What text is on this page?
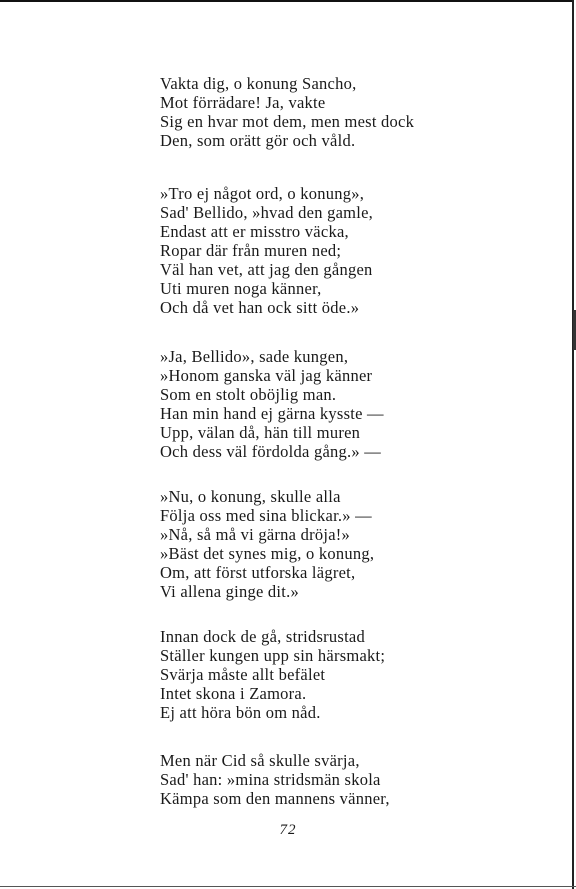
Vakta dig, o konung Sancho,
Mot förrädare! Ja, vakte
Sig en hvar mot dem, men mest dock
Den, som orätt gör och våld.
»Tro ej något ord, o konung»,
Sad' Bellido, »hvad den gamle,
Endast att er misstro väcka,
Ropar där från muren ned;
Väl han vet, att jag den gången
Uti muren noga känner,
Och då vet han ock sitt öde.»
»Ja, Bellido», sade kungen,
»Honom ganska väl jag känner
Som en stolt oböjlig man.
Han min hand ej gärna kysste —
Upp, välan då, hän till muren
Och dess väl fördolda gång.» —
»Nu, o konung, skulle alla
Följa oss med sina blickar.» —
»Nå, så må vi gärna dröja!»
»Bäst det synes mig, o konung,
Om, att först utforska lägret,
Vi allena ginge dit.»
Innan dock de gå, stridsrustad
Ställer kungen upp sin härsmakt;
Svärja måste allt befälet
Intet skona i Zamora.
Ej att höra bön om nåd.
Men när Cid så skulle svärja,
Sad' han: »mina stridsmän skola
Kämpa som den mannens vänner,
72
